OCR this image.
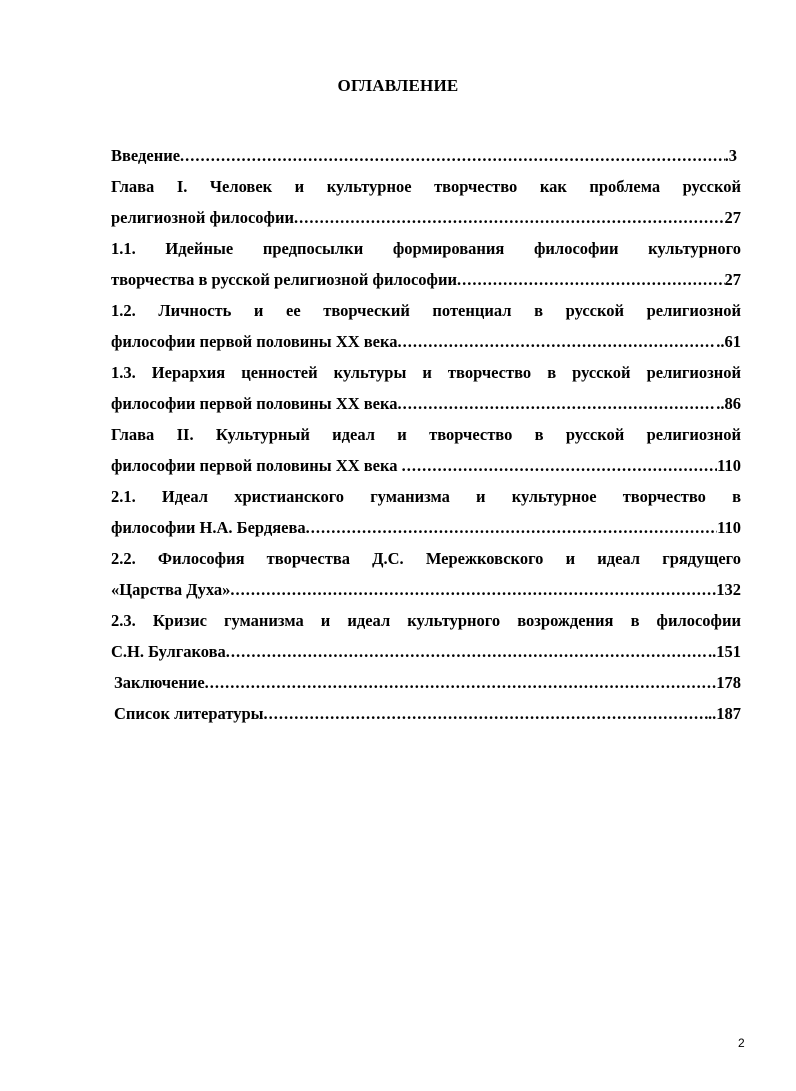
ОГЛАВЛЕНИЕ
Введение .....	.3
Глава I. Человек и культурное творчество как проблема русской
религиозной философии .....	27
1.1. Идейные предпосылки формирования философии культурного
творчества в русской религиозной философии .....	27
1.2. Личность и ее творческий потенциал в русской религиозной
философии первой половины XX века .....	..61
1.3. Иерархия ценностей культуры и творчество в русской религиозной
философии первой половины XX века .....	..86
Глава II. Культурный идеал и творчество в русской религиозной
философии первой половины XX века .....	110
2.1. Идеал христианского гуманизма и культурное творчество в
философии Н.А. Бердяева .....	110
2.2. Философия творчества Д.С. Мережковского и идеал грядущего
«Царства Духа» .....	.132
2.3. Кризис гуманизма и идеал культурного возрождения в философии
С.Н. Булгакова .....	..151
Заключение .....	178
Список литературы .....	..187
2
